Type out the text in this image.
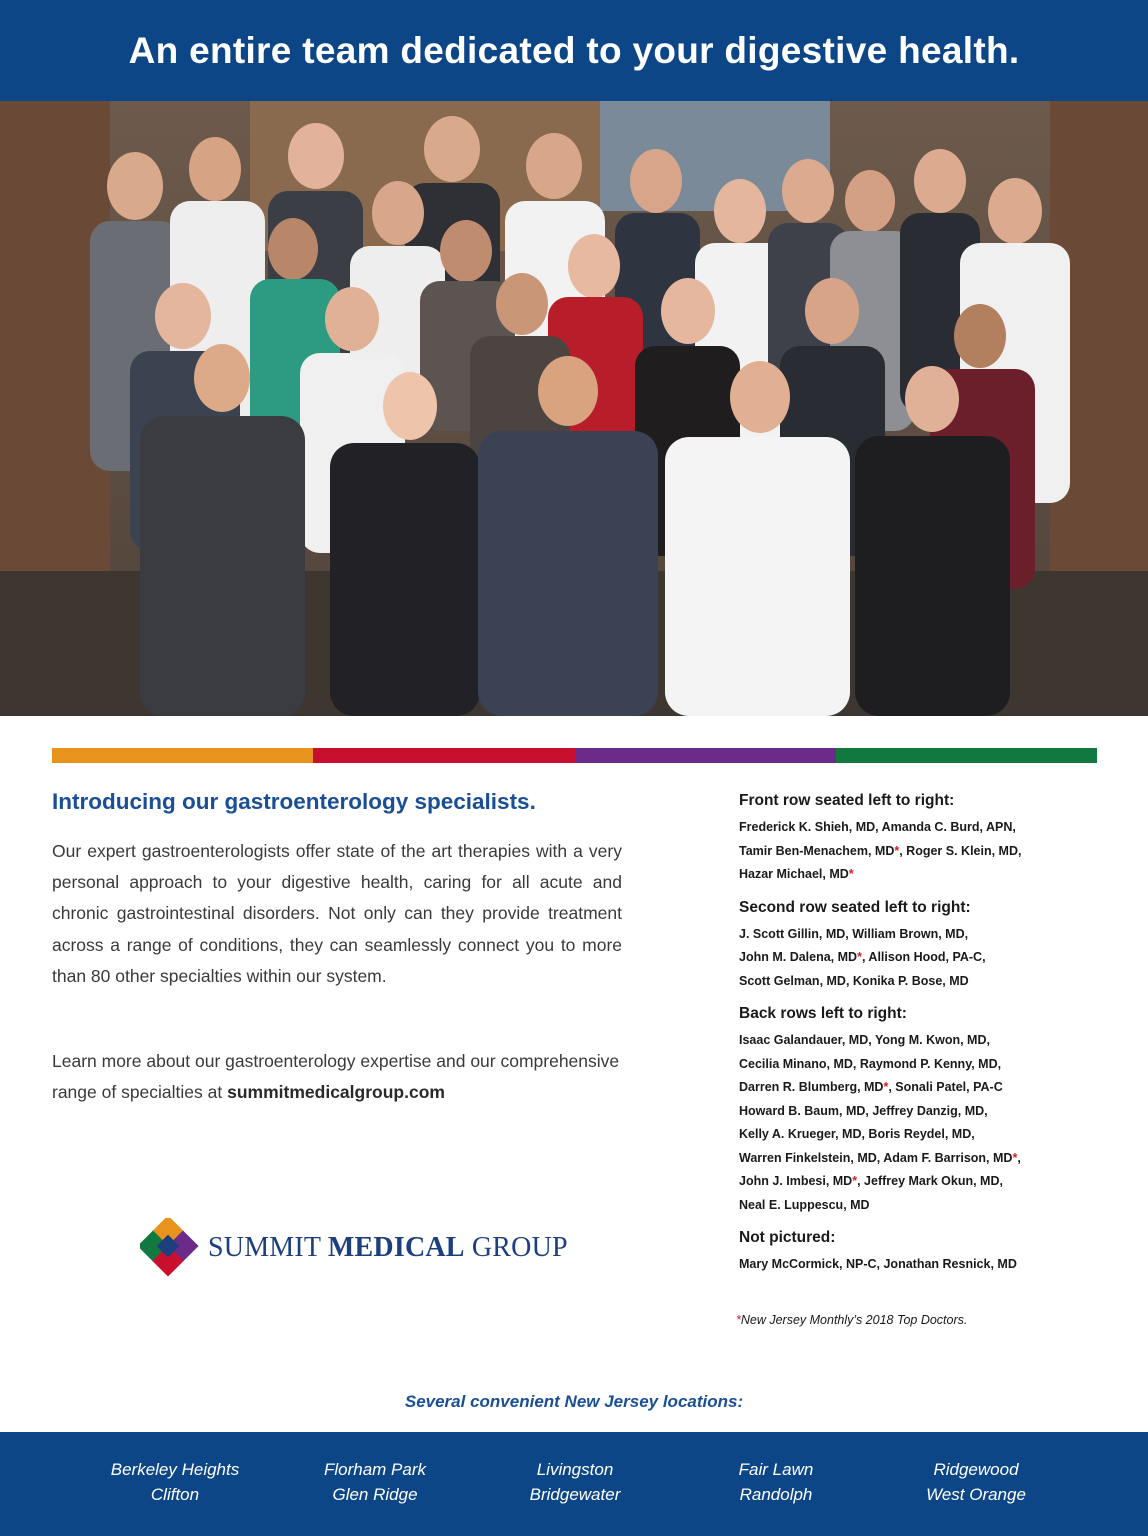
An entire team dedicated to your digestive health.
Introducing our gastroenterology specialists.

Our expert gastroenterologists offer state of the art therapies with a very personal approach to your digestive health, caring for all acute and chronic gastrointestinal disorders. Not only can they provide treatment across a range of conditions, they can seamlessly connect you to more than 80 other specialties within our system.

Learn more about our gastroenterology expertise and our comprehensive range of specialties at summitmedicalgroup.com

SUMMIT MEDICAL GROUP
Front row seated left to right:
Frederick K. Shieh, MD, Amanda C. Burd, APN,
Tamir Ben-Menachem, MD*, Roger S. Klein, MD,
Hazar Michael, MD*
Second row seated left to right:
J. Scott Gillin, MD, William Brown, MD,
John M. Dalena, MD*, Allison Hood, PA-C,
Scott Gelman, MD, Konika P. Bose, MD
Back rows left to right:
Isaac Galandauer, MD, Yong M. Kwon, MD,
Cecilia Minano, MD, Raymond P. Kenny, MD,
Darren R. Blumberg, MD*, Sonali Patel, PA-C
Howard B. Baum, MD, Jeffrey Danzig, MD,
Kelly A. Krueger, MD, Boris Reydel, MD,
Warren Finkelstein, MD, Adam F. Barrison, MD*,
John J. Imbesi, MD*, Jeffrey Mark Okun, MD,
Neal E. Luppescu, MD
Not pictured:
Mary McCormick, NP-C, Jonathan Resnick, MD
*New Jersey Monthly’s 2018 Top Doctors.
Several convenient New Jersey locations:
Berkeley Heights
Clifton
Florham Park
Glen Ridge
Livingston
Bridgewater
Fair Lawn
Randolph
Ridgewood
West Orange
